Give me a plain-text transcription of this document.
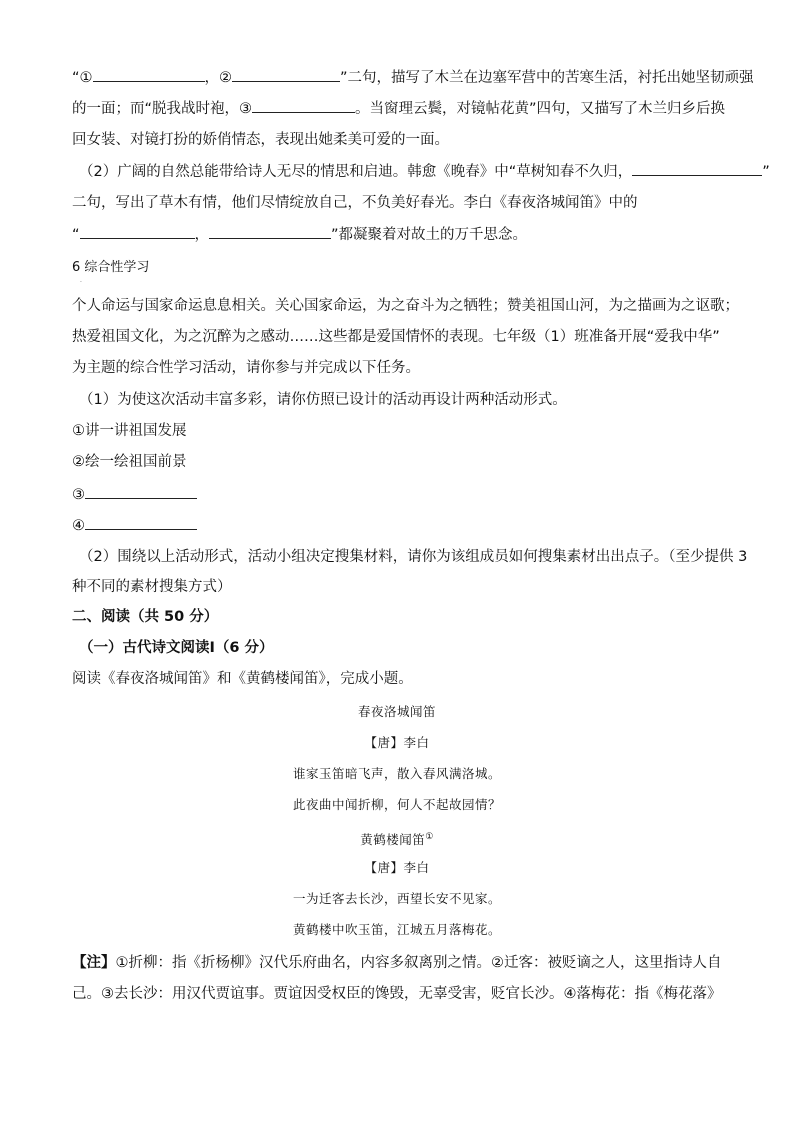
“①	，②	”二句，描写了木兰在边塞军营中的苦寒生活，衬托出她坚韧顽强
的一面；而“脱我战时袍，③	。当窗理云鬓，对镜帖花黄”四句，又描写了木兰归乡后换
回女装、对镜打扮的娇俏情态，表现出她柔美可爱的一面。
（2）广阔的自然总能带给诗人无尽的情思和启迪。韩愈《晚春》中“草树知春不久归，	”
二句，写出了草木有情，他们尽情绽放自己，不负美好春光。李白《春夜洛城闻笛》中的
“	，	”都凝聚着对故土的万千思念。
6 综合性学习
·
个人命运与国家命运息息相关。关心国家命运，为之奋斗为之牺牲；赞美祖国山河，为之描画为之讴歌；
热爱祖国文化，为之沉醉为之感动……这些都是爱国情怀的表现。七年级（1）班准备开展“爱我中华”
为主题的综合性学习活动，请你参与并完成以下任务。
（1）为使这次活动丰富多彩，请你仿照已设计的活动再设计两种活动形式。
①讲一讲祖国发展
②绘一绘祖国前景
③
④
（2）围绕以上活动形式，活动小组决定搜集材料，请你为该组成员如何搜集素材出出点子。（至少提供 3
种不同的素材搜集方式）
二、阅读（共 50 分）
（一）古代诗文阅读Ⅰ（6 分）
阅读《春夜洛城闻笛》和《黄鹤楼闻笛》，完成小题。
春夜洛城闻笛
【唐】李白
谁家玉笛暗飞声，散入春风满洛城。
此夜曲中闻折柳，何人不起故园情？
黄鹤楼闻笛①
【唐】李白
一为迁客去长沙，西望长安不见家。
黄鹤楼中吹玉笛，江城五月落梅花。
【注】①折柳：指《折杨柳》汉代乐府曲名，内容多叙离别之情。②迁客：被贬谪之人，这里指诗人自
己。③去长沙：用汉代贾谊事。贾谊因受权臣的馋毁，无辜受害，贬官长沙。④落梅花：指《梅花落》
